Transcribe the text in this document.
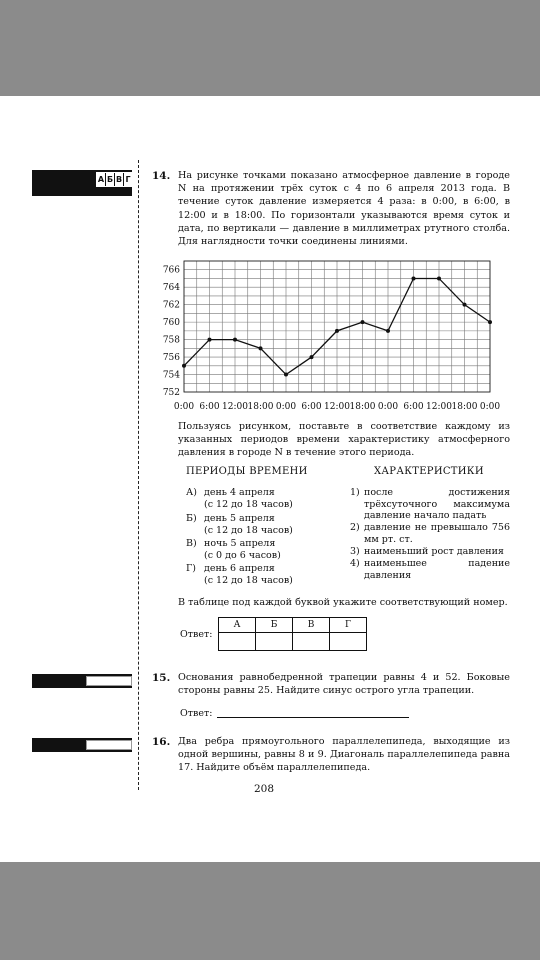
А Б В Г 14. На рисунке точками показано атмосферное давление в городе N на протяжении трёх суток с 4 по 6 апреля 2013 года. В течение суток давление измеряется 4 раза: в 0:00, в 6:00, в 12:00 и в 18:00. По горизонтали указываются время суток и дата, по вертикали — давление в миллиметрах ртутного столба. Для наглядности точки соединены линиями.
752
754
756
758
760
762
764
766
0:00 6:00 12:00 18:00 0:00 6:00 12:00 18:00 0:00 6:00 12:00 18:00 0:00
Пользуясь рисунком, поставьте в соответствие каждому из указанных периодов времени характеристику атмосферного давления в городе N в течение этого периода.
ПЕРИОДЫ ВРЕМЕНИ	ХАРАКТЕРИСТИКИ
А) день 4 апреля
(с 12 до 18 часов)
Б) день 5 апреля
(с 12 до 18 часов)
В) ночь 5 апреля
(с 0 до 6 часов)
Г) день 6 апреля
(с 12 до 18 часов)
1) после достижения трёхсуточного максимума давление начало падать
2) давление не превышало 756 мм рт. ст.
3) наименьший рост давления
4) наименьшее падение давления
В таблице под каждой буквой укажите соответствующий номер.
Ответ:
А	Б	В	Г

15. Основания равнобедренной трапеции равны 4 и 52. Боковые стороны равны 25. Найдите синус острого угла трапеции.
Ответ:
16. Два ребра прямоугольного параллелепипеда, выходящие из одной вершины, равны 8 и 9. Диагональ параллелепипеда равна 17. Найдите объём параллелепипеда.
208
